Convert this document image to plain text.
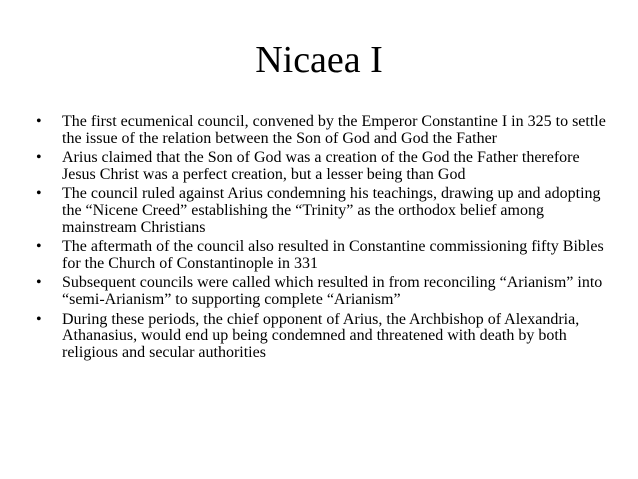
Nicaea I
• The first ecumenical council, convened by the Emperor Constantine I in 325 to settle the issue of the relation between the Son of God and God the Father
• Arius claimed that the Son of God was a creation of the God the Father therefore Jesus Christ was a perfect creation, but a lesser being than God
• The council ruled against Arius condemning his teachings, drawing up and adopting the “Nicene Creed” establishing the “Trinity” as the orthodox belief among mainstream Christians
• The aftermath of the council also resulted in Constantine commissioning fifty Bibles for the Church of Constantinople in 331
• Subsequent councils were called which resulted in from reconciling “Arianism” into “semi-Arianism” to supporting complete “Arianism”
• During these periods, the chief opponent of Arius, the Archbishop of Alexandria, Athanasius, would end up being condemned and threatened with death by both religious and secular authorities
